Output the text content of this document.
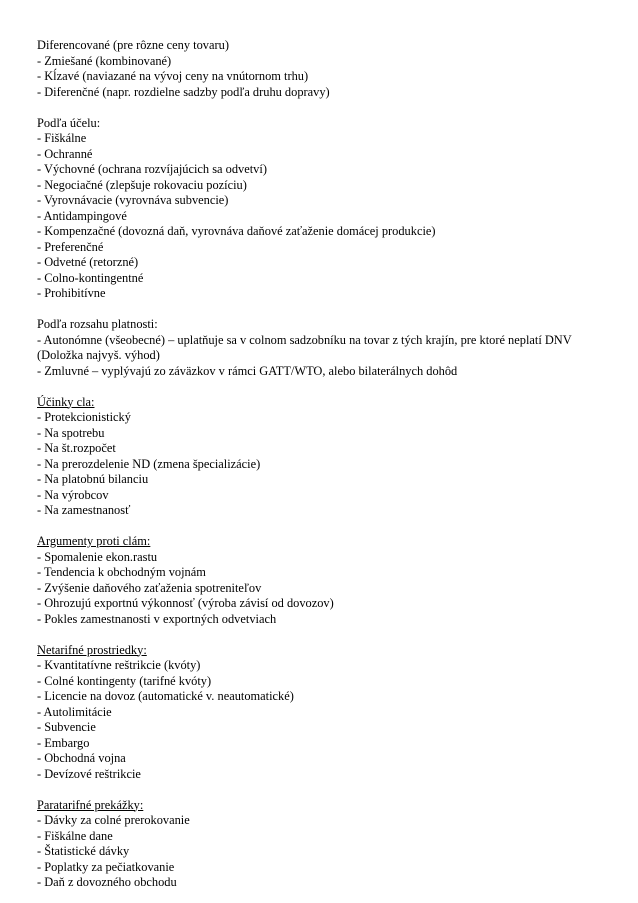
Diferencované (pre rôzne ceny tovaru)
- Zmiešané (kombinované)
- Kĺzavé (naviazané na vývoj ceny na vnútornom trhu)
- Diferenčné (napr. rozdielne sadzby podľa druhu dopravy)
Podľa účelu:
- Fiškálne
- Ochranné
- Výchovné (ochrana rozvíjajúcich sa odvetví)
- Negociačné (zlepšuje rokovaciu pozíciu)
- Vyrovnávacie (vyrovnáva subvencie)
- Antidampingové
- Kompenzačné (dovozná daň, vyrovnáva daňové zaťaženie domácej produkcie)
- Preferenčné
- Odvetné (retorzné)
- Colno-kontingentné
- Prohibitívne
Podľa rozsahu platnosti:
- Autonómne (všeobecné) – uplatňuje sa v colnom sadzobníku na tovar z tých krajín, pre ktoré neplatí DNV
(Doložka najvyš. výhod)
- Zmluvné – vyplývajú zo záväzkov v rámci GATT/WTO, alebo bilaterálnych dohôd
Účinky cla:
- Protekcionistický
- Na spotrebu
- Na št.rozpočet
- Na prerozdelenie ND (zmena špecializácie)
- Na platobnú bilanciu
- Na výrobcov
- Na zamestnanosť
Argumenty proti clám:
- Spomalenie ekon.rastu
- Tendencia k obchodným vojnám
- Zvýšenie daňového zaťaženia spotreniteľov
- Ohrozujú exportnú výkonnosť (výroba závisí od dovozov)
- Pokles zamestnanosti v exportných odvetviach
Netarifné prostriedky:
- Kvantitatívne reštrikcie (kvóty)
- Colné kontingenty (tarifné kvóty)
- Licencie na dovoz (automatické v. neautomatické)
- Autolimitácie
- Subvencie
- Embargo
- Obchodná vojna
- Devízové reštrikcie
Paratarifné prekážky:
- Dávky za colné prerokovanie
- Fiškálne dane
- Štatistické dávky
- Poplatky za pečiatkovanie
- Daň z dovozného obchodu
